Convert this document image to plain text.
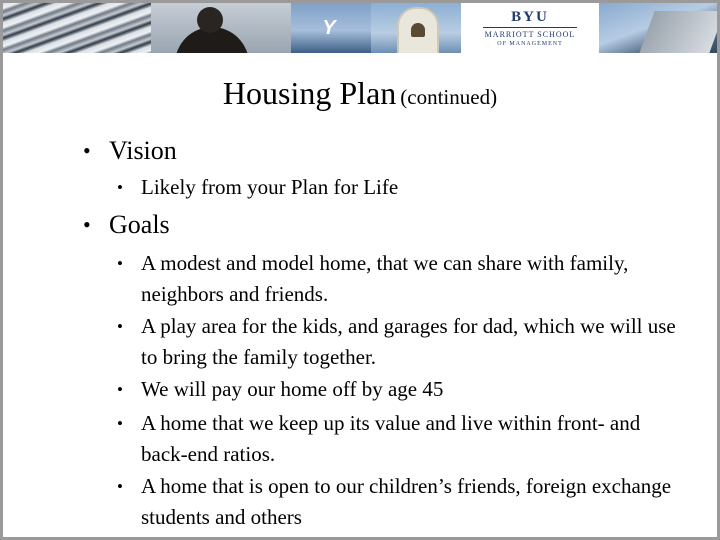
Y	BYU
MARRIOTT SCHOOL
OF MANAGEMENT
Housing Plan (continued)
• Vision
• Likely from your Plan for Life
• Goals
• A modest and model home, that we can share with family, neighbors and friends.
• A play area for the kids, and garages for dad, which we will use to bring the family together.
• We will pay our home off by age 45
• A home that we keep up its value and live within front- and back-end ratios.
• A home that is open to our children’s friends, foreign exchange students and others
